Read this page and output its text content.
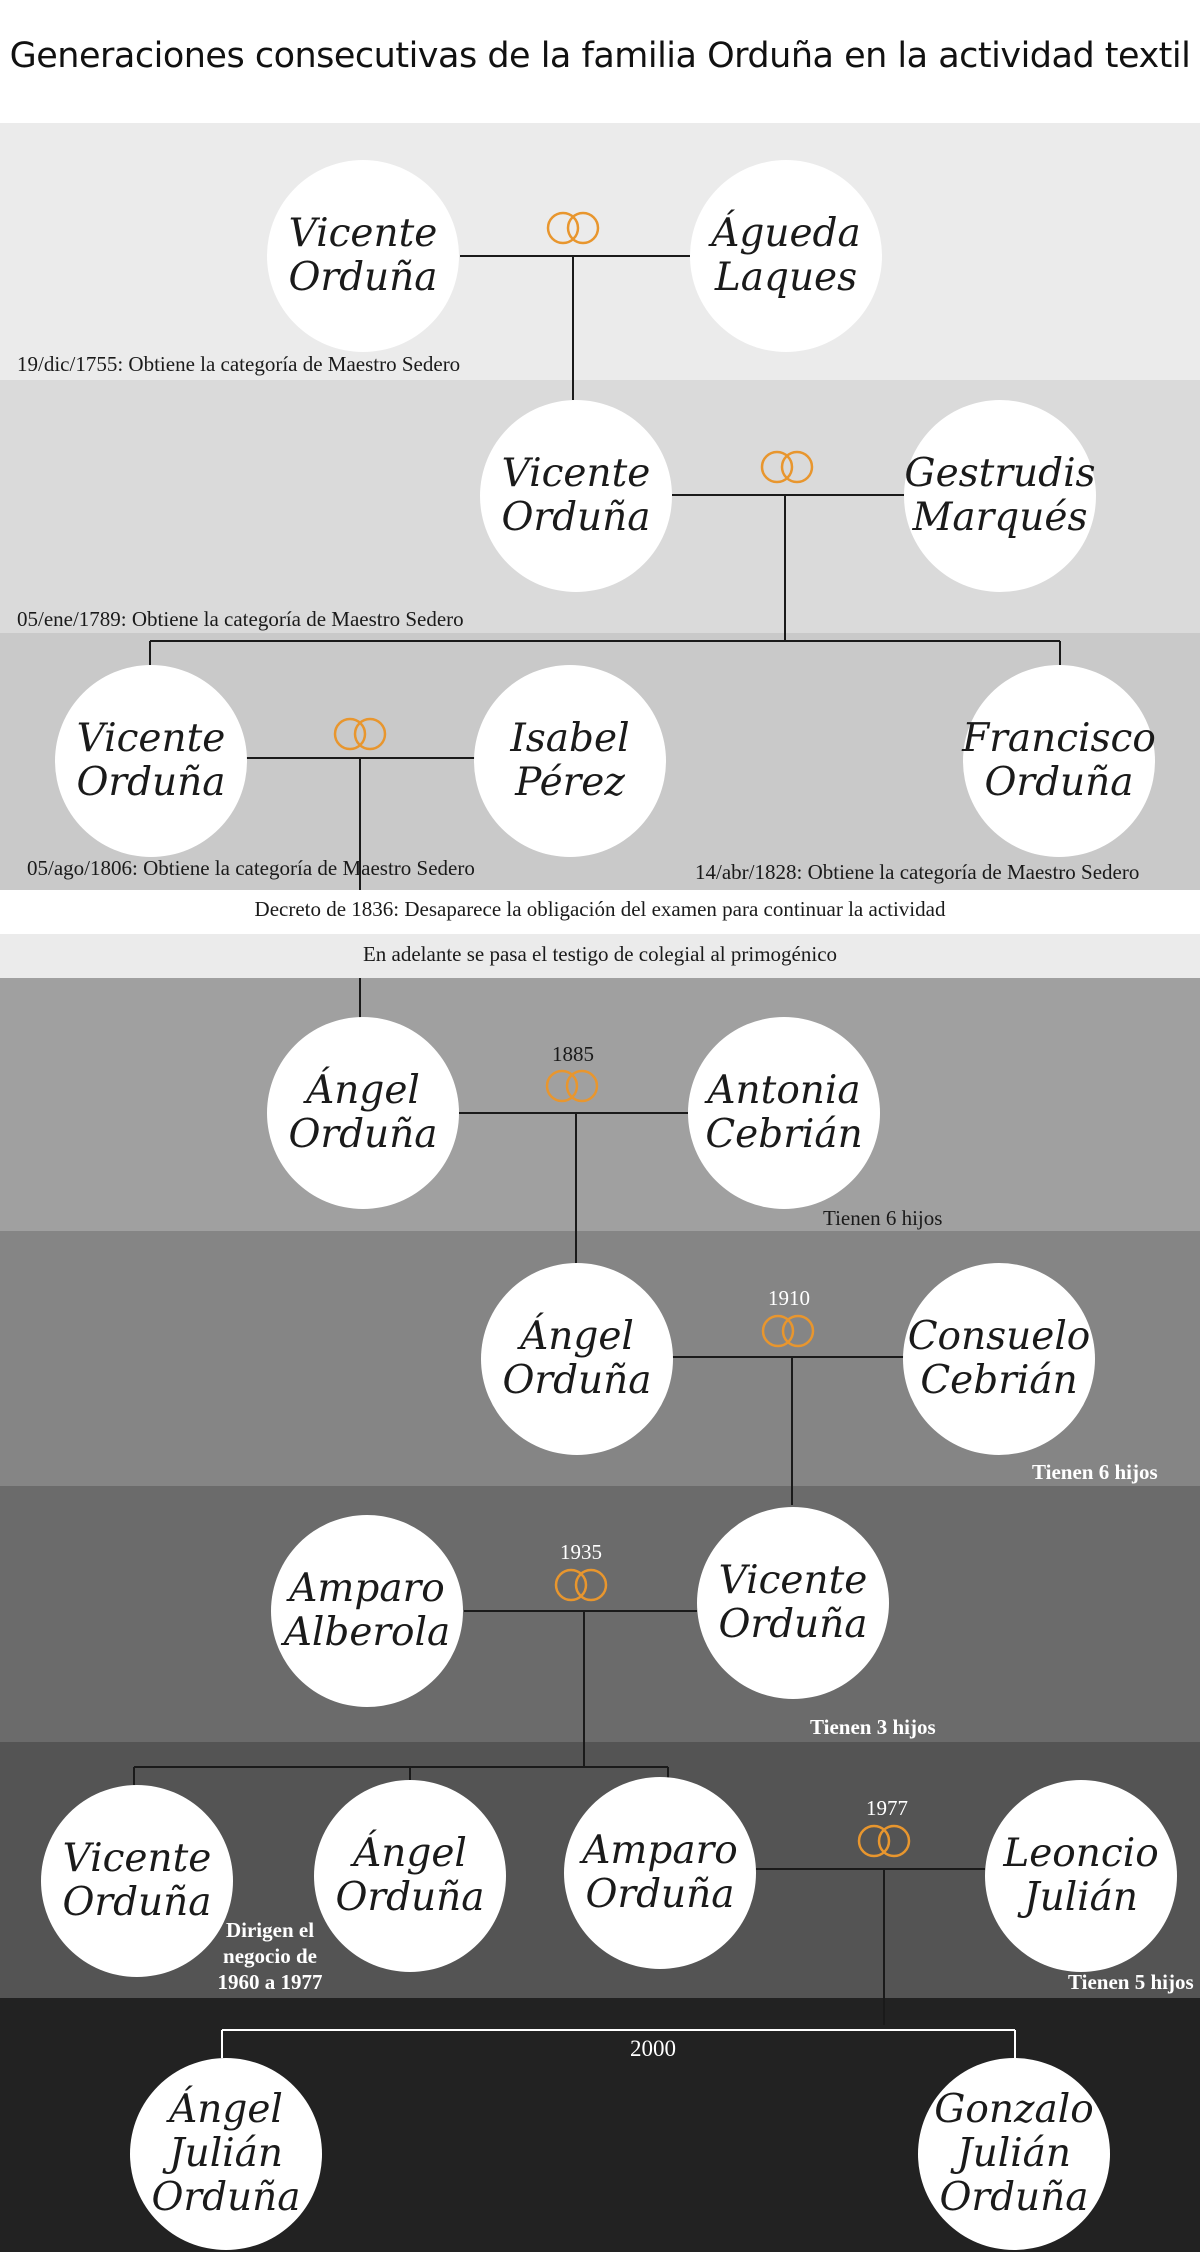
Generaciones consecutivas de la familia Orduña en la actividad textil
Vicente
Orduña
Águeda
Laques
19/dic/1755: Obtiene la categoría de Maestro Sedero
Vicente
Orduña
Gestrudis
Marqués
05/ene/1789: Obtiene la categoría de Maestro Sedero
Vicente
Orduña
Isabel
Pérez
Francisco
Orduña
05/ago/1806: Obtiene la categoría de Maestro Sedero	14/abr/1828: Obtiene la categoría de Maestro Sedero
Decreto de 1836: Desaparece la obligación del examen para continuar la actividad
En adelante se pasa el testigo de colegial al primogénico
Ángel
Orduña
Antonia
Cebrián
1885
Tienen 6 hijos
Ángel
Orduña
Consuelo
Cebrián
1910
Tienen 6 hijos
Amparo
Alberola
Vicente
Orduña
1935
Tienen 3 hijos
Vicente
Orduña
Ángel
Orduña
Amparo
Orduña
Leoncio
Julián
1977
Dirigen el
negocio de
1960 a 1977	Tienen 5 hijos
2000
Ángel
Julián
Orduña
Gonzalo
Julián
Orduña
